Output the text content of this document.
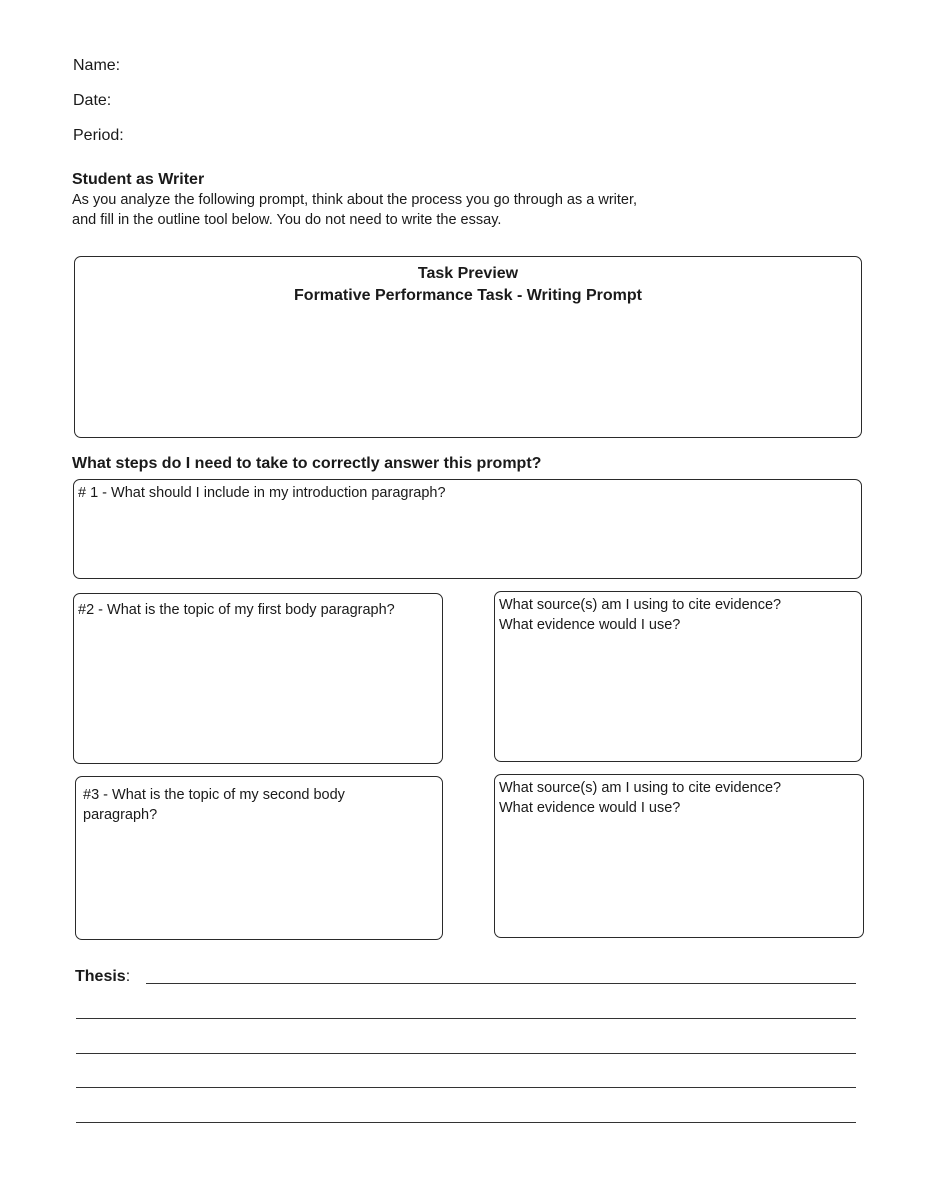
Name:
Date:
Period:
Student as Writer
As you analyze the following prompt, think about the process you go through as a writer,
and fill in the outline tool below. You do not need to write the essay.
Task Preview
Formative Performance Task - Writing Prompt
What steps do I need to take to correctly answer this prompt?
# 1 - What should I include in my introduction paragraph?
#2 - What is the topic of my first body paragraph?	What source(s) am I using to cite evidence?
What evidence would I use?
#3 - What is the topic of my second body
paragraph?
What source(s) am I using to cite evidence?
What evidence would I use?
Thesis:
